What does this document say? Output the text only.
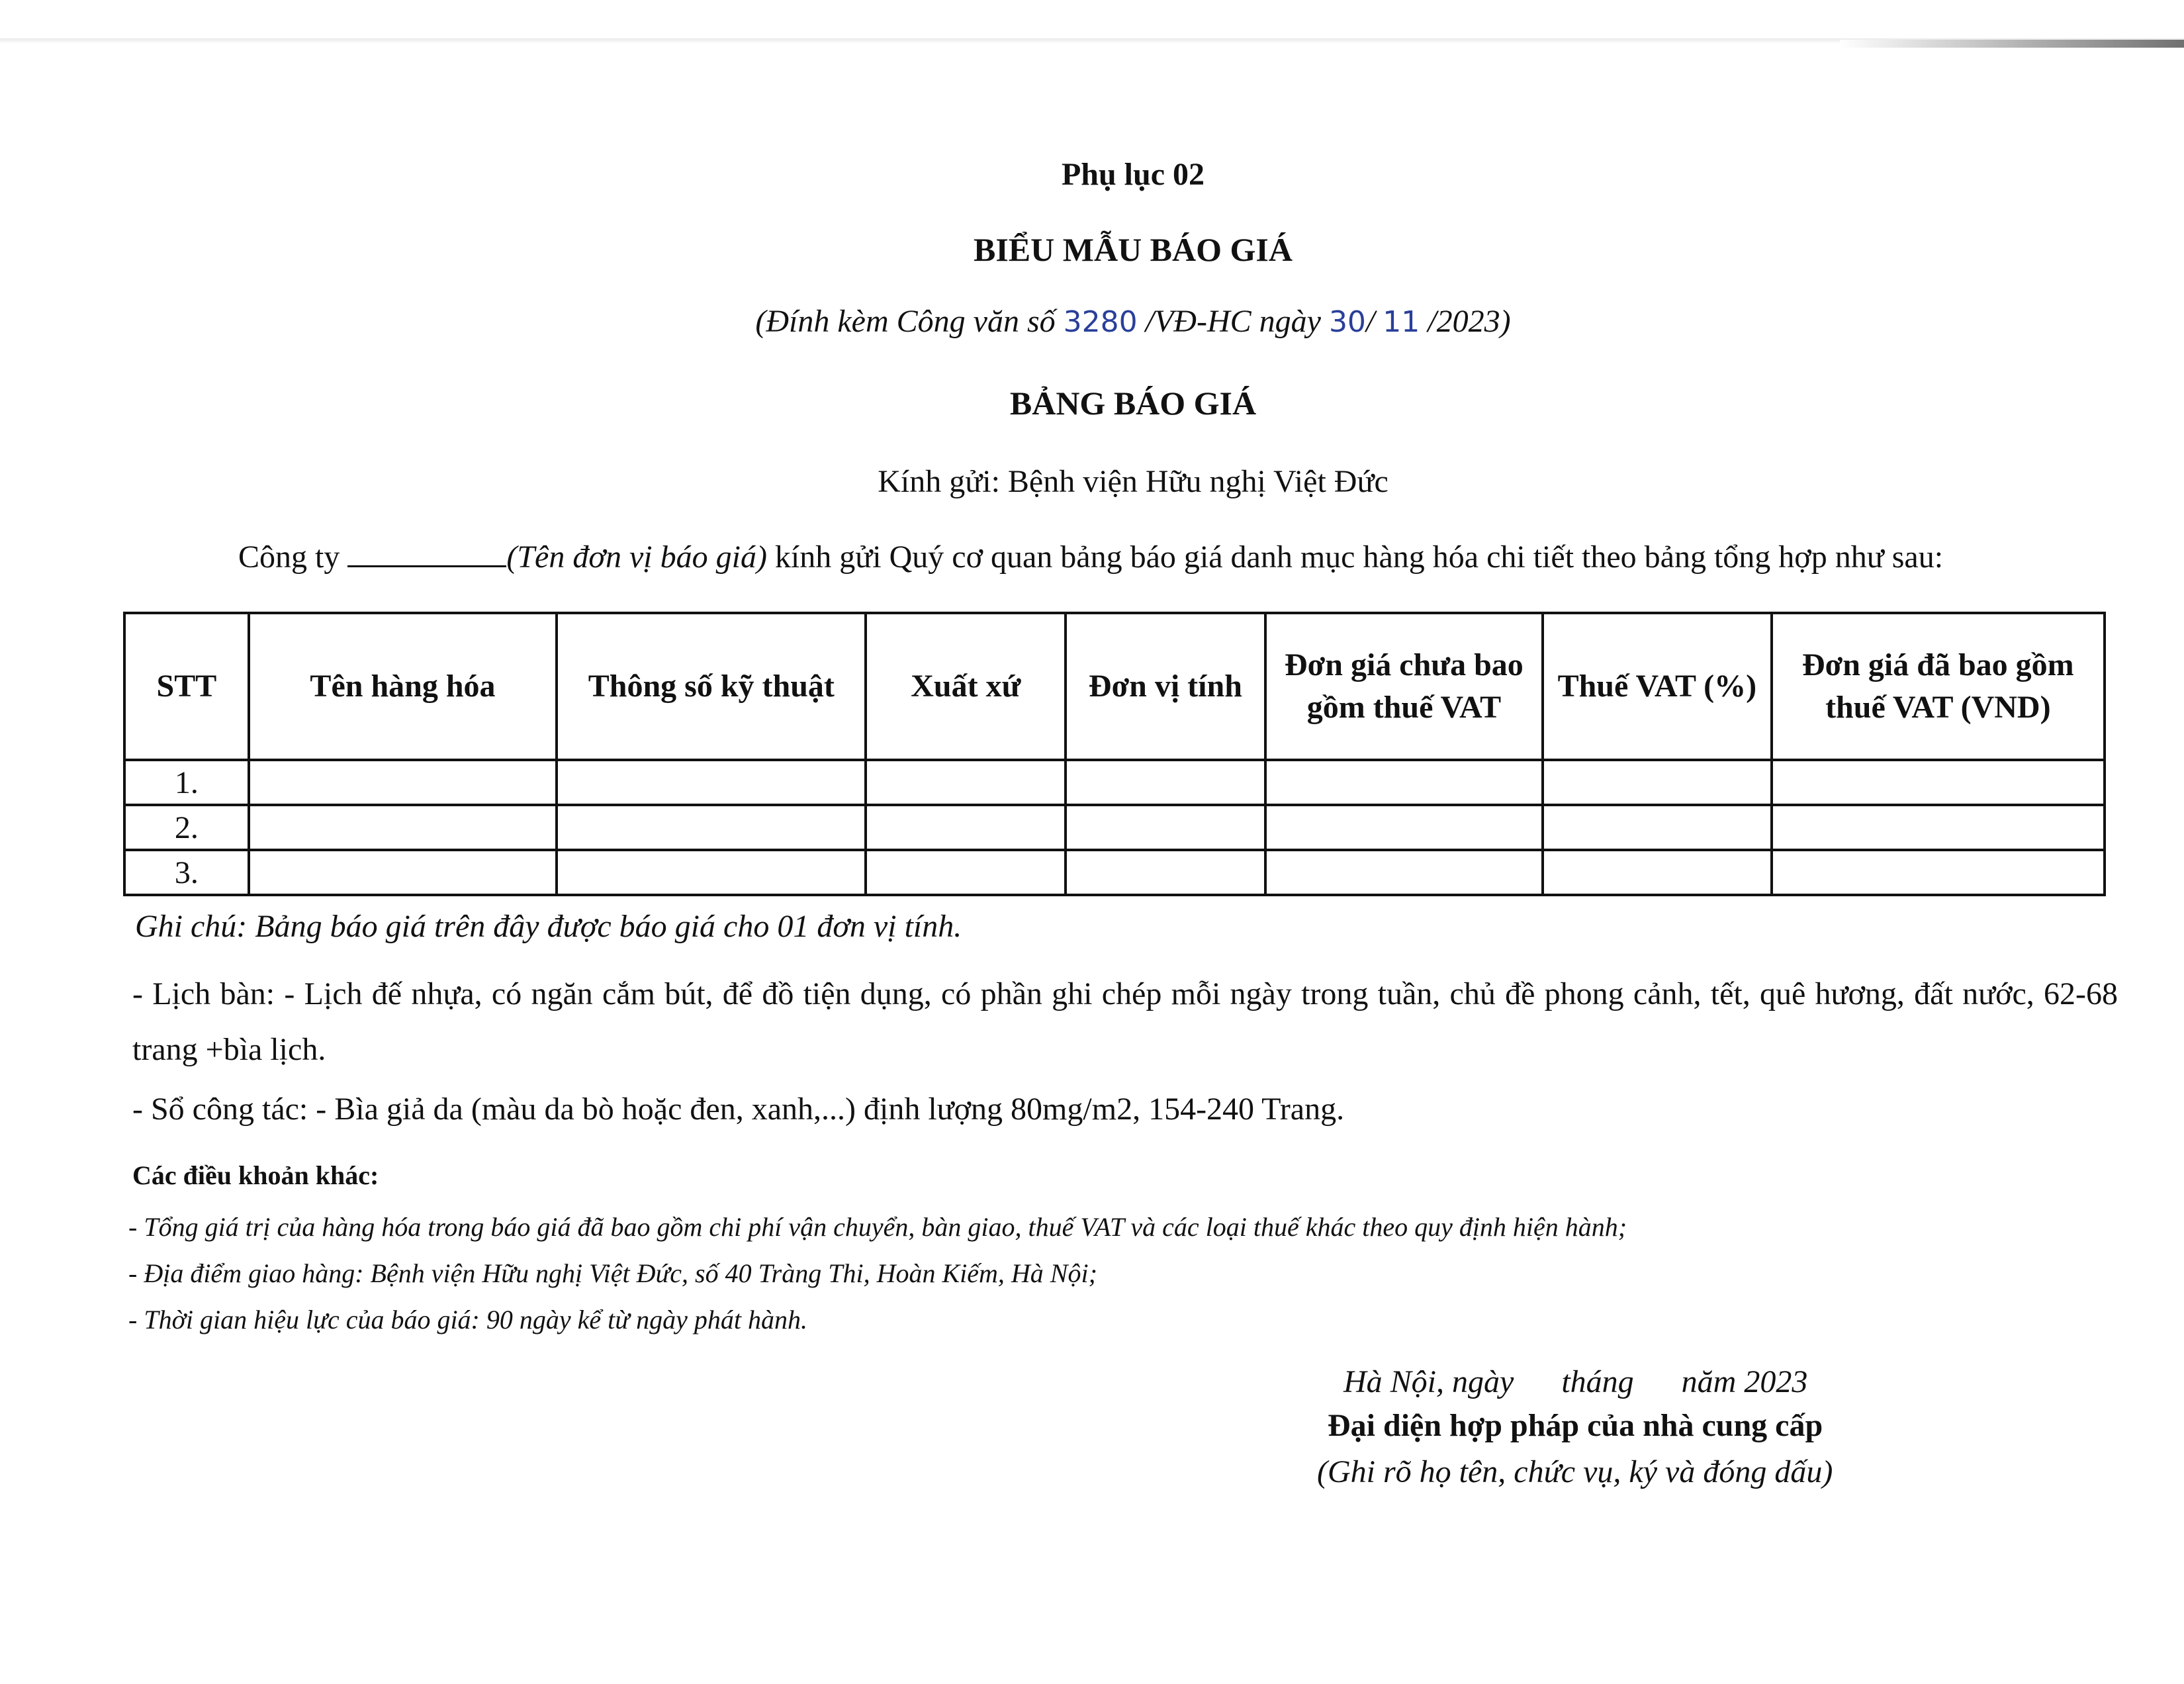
Phụ lục 02
BIỂU MẪU BÁO GIÁ
(Đính kèm Công văn số 3280 /VĐ-HC ngày 30/ 11 /2023)
BẢNG BÁO GIÁ
Kính gửi: Bệnh viện Hữu nghị Việt Đức
Công ty	(Tên đơn vị báo giá) kính gửi Quý cơ quan bảng báo giá danh mục hàng hóa chi tiết theo bảng tổng hợp như sau:
STT	Tên hàng hóa	Thông số kỹ thuật	Xuất xứ	Đơn vị tính	Đơn giá chưa bao gồm thuế VAT	Thuế VAT (%)	Đơn giá đã bao gồm thuế VAT (VND)
1.							
2.							
3.							
Ghi chú: Bảng báo giá trên đây được báo giá cho 01 đơn vị tính.
- Lịch bàn: - Lịch đế nhựa, có ngăn cắm bút, để đồ tiện dụng, có phần ghi chép mỗi ngày trong tuần, chủ đề phong cảnh, tết, quê hương, đất nước, 62-68 trang +bìa lịch.
- Sổ công tác: - Bìa giả da (màu da bò hoặc đen, xanh,...) định lượng 80mg/m2, 154-240 Trang.
Các điều khoản khác:
- Tổng giá trị của hàng hóa trong báo giá đã bao gồm chi phí vận chuyển, bàn giao, thuế VAT và các loại thuế khác theo quy định hiện hành;
- Địa điểm giao hàng: Bệnh viện Hữu nghị Việt Đức, số 40 Tràng Thi, Hoàn Kiếm, Hà Nội;
- Thời gian hiệu lực của báo giá: 90 ngày kể từ ngày phát hành.
Hà Nội, ngày      tháng      năm 2023
Đại diện hợp pháp của nhà cung cấp
(Ghi rõ họ tên, chức vụ, ký và đóng dấu)
